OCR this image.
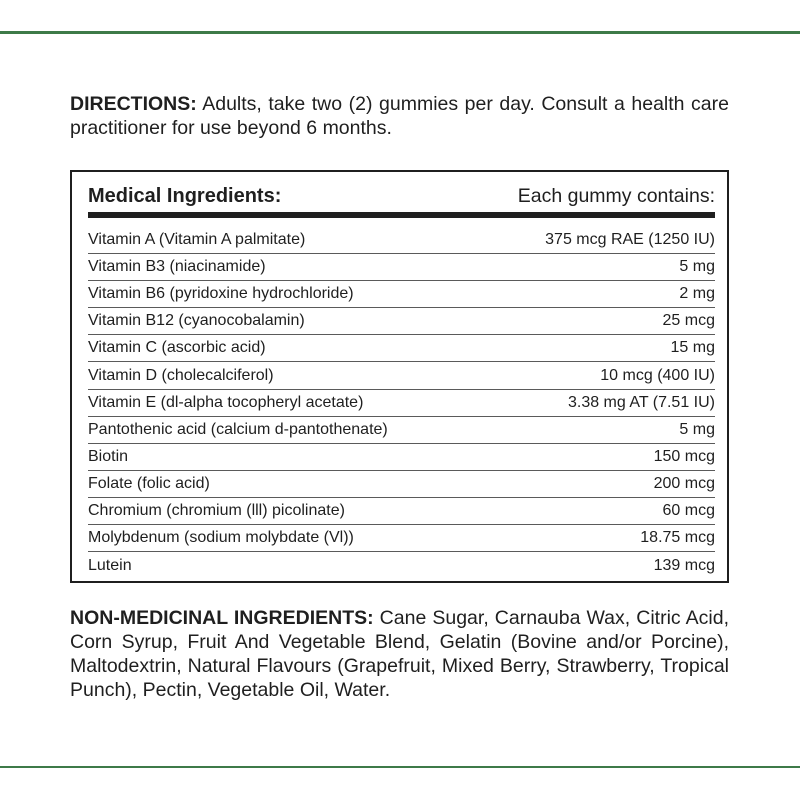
DIRECTIONS: Adults, take two (2) gummies per day. Consult a health care practitioner for use beyond 6 months.

Medical Ingredients:	Each gummy contains:
Vitamin A (Vitamin A palmitate)	375 mcg RAE (1250 IU)
Vitamin B3 (niacinamide)	5 mg
Vitamin B6 (pyridoxine hydrochloride)	2 mg
Vitamin B12 (cyanocobalamin)	25 mcg
Vitamin C (ascorbic acid)	15 mg
Vitamin D (cholecalciferol)	10 mcg (400 IU)
Vitamin E (dl-alpha tocopheryl acetate)	3.38 mg AT (7.51 IU)
Pantothenic acid (calcium d-pantothenate)	5 mg
Biotin	150 mcg
Folate (folic acid)	200 mcg
Chromium (chromium (lll) picolinate)	60 mcg
Molybdenum (sodium molybdate (Vl))	18.75 mcg
Lutein	139 mcg

NON-MEDICINAL INGREDIENTS: Cane Sugar, Carnauba Wax, Citric Acid, Corn Syrup, Fruit And Vegetable Blend, Gelatin (Bovine and/or Porcine), Maltodextrin, Natural Flavours (Grapefruit, Mixed Berry, Strawberry, Tropical Punch), Pectin, Vegetable Oil, Water.
